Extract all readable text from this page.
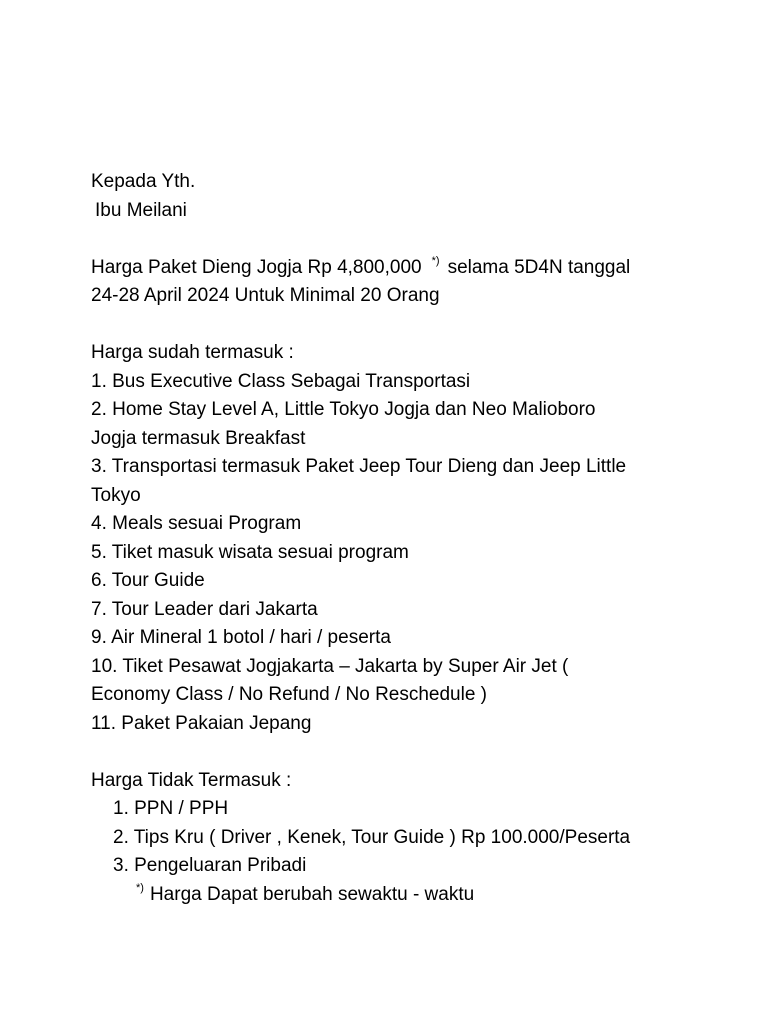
Kepada Yth.
Ibu Meilani
Harga Paket Dieng Jogja Rp 4,800,000 *) selama 5D4N tanggal
24-28 April 2024 Untuk Minimal 20 Orang
Harga sudah termasuk :
1. Bus Executive Class Sebagai Transportasi
2. Home Stay Level A, Little Tokyo Jogja dan Neo Malioboro
Jogja termasuk Breakfast
3. Transportasi termasuk Paket Jeep Tour Dieng dan Jeep Little
Tokyo
4. Meals sesuai Program
5. Tiket masuk wisata sesuai program
6. Tour Guide
7. Tour Leader dari Jakarta
9. Air Mineral 1 botol / hari / peserta
10. Tiket Pesawat Jogjakarta – Jakarta by Super Air Jet (
Economy Class / No Refund / No Reschedule )
11. Paket Pakaian Jepang
Harga Tidak Termasuk :
1. PPN / PPH
2. Tips Kru ( Driver , Kenek, Tour Guide ) Rp 100.000/Peserta
3. Pengeluaran Pribadi
*) Harga Dapat berubah sewaktu - waktu
